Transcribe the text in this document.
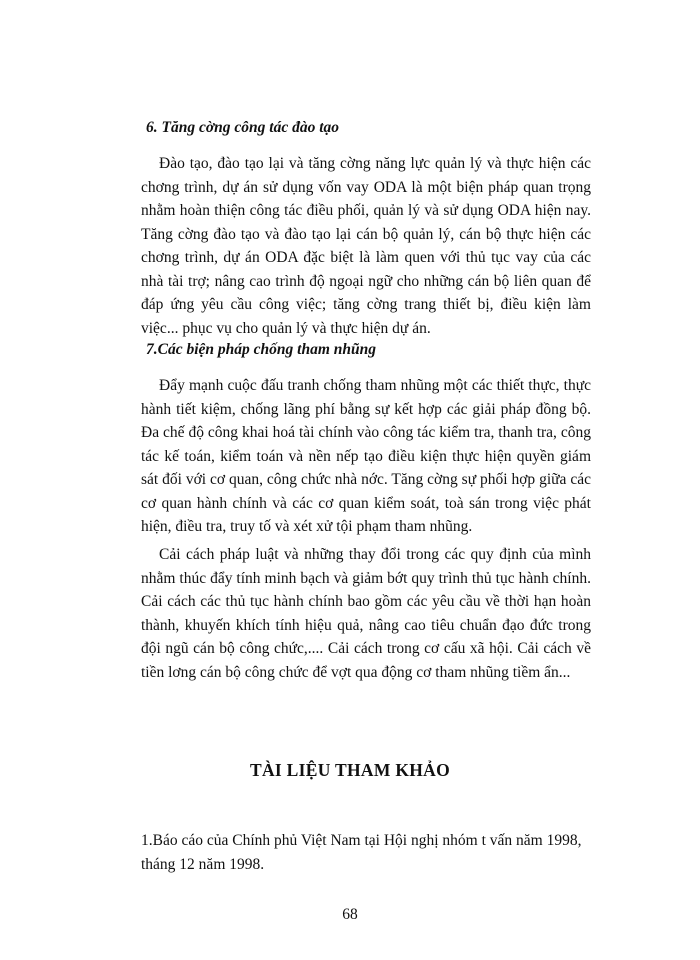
6. Tăng cờng công tác đào tạo

Đào tạo, đào tạo lại và tăng cờng năng lực quản lý và thực hiện các chơng trình, dự án sử dụng vốn vay ODA là một biện pháp quan trọng nhằm hoàn thiện công tác điều phối, quản lý và sử dụng ODA hiện nay. Tăng cờng đào tạo và đào tạo lại cán bộ quản lý, cán bộ thực hiện các chơng trình, dự án ODA đặc biệt là làm quen với thủ tục vay của các nhà tài trợ; nâng cao trình độ ngoại ngữ cho những cán bộ liên quan để đáp ứng yêu cầu công việc; tăng cờng trang thiết bị, điều kiện làm việc... phục vụ cho quản lý và thực hiện dự án.

7.Các biện pháp chống tham nhũng

Đẩy mạnh cuộc đấu tranh chống tham nhũng một các thiết thực, thực hành tiết kiệm, chống lãng phí bằng sự kết hợp các giải pháp đồng bộ. Đa chế độ công khai hoá tài chính vào công tác kiểm tra, thanh tra, công tác kế toán, kiểm toán và nền nếp tạo điều kiện thực hiện quyền giám sát đối với cơ quan, công chức nhà nớc. Tăng cờng sự phối hợp giữa các cơ quan hành chính và các cơ quan kiểm soát, toà sán trong việc phát hiện, điều tra, truy tố và xét xử tội phạm tham nhũng.

Cải cách pháp luật và những thay đổi trong các quy định của mình nhằm thúc đẩy tính minh bạch và giảm bớt quy trình thủ tục hành chính. Cải cách các thủ tục hành chính bao gồm các yêu cầu về thời hạn hoàn thành, khuyến khích tính hiệu quả, nâng cao tiêu chuẩn đạo đức trong đội ngũ cán bộ công chức,.... Cải cách trong cơ cấu xã hội. Cải cách về tiền lơng cán bộ công chức để vợt qua động cơ tham nhũng tiềm ẩn...

TÀI LIỆU THAM KHẢO

1.Báo cáo của Chính phủ Việt Nam tại Hội nghị nhóm t vấn năm 1998, tháng 12 năm 1998.

68
